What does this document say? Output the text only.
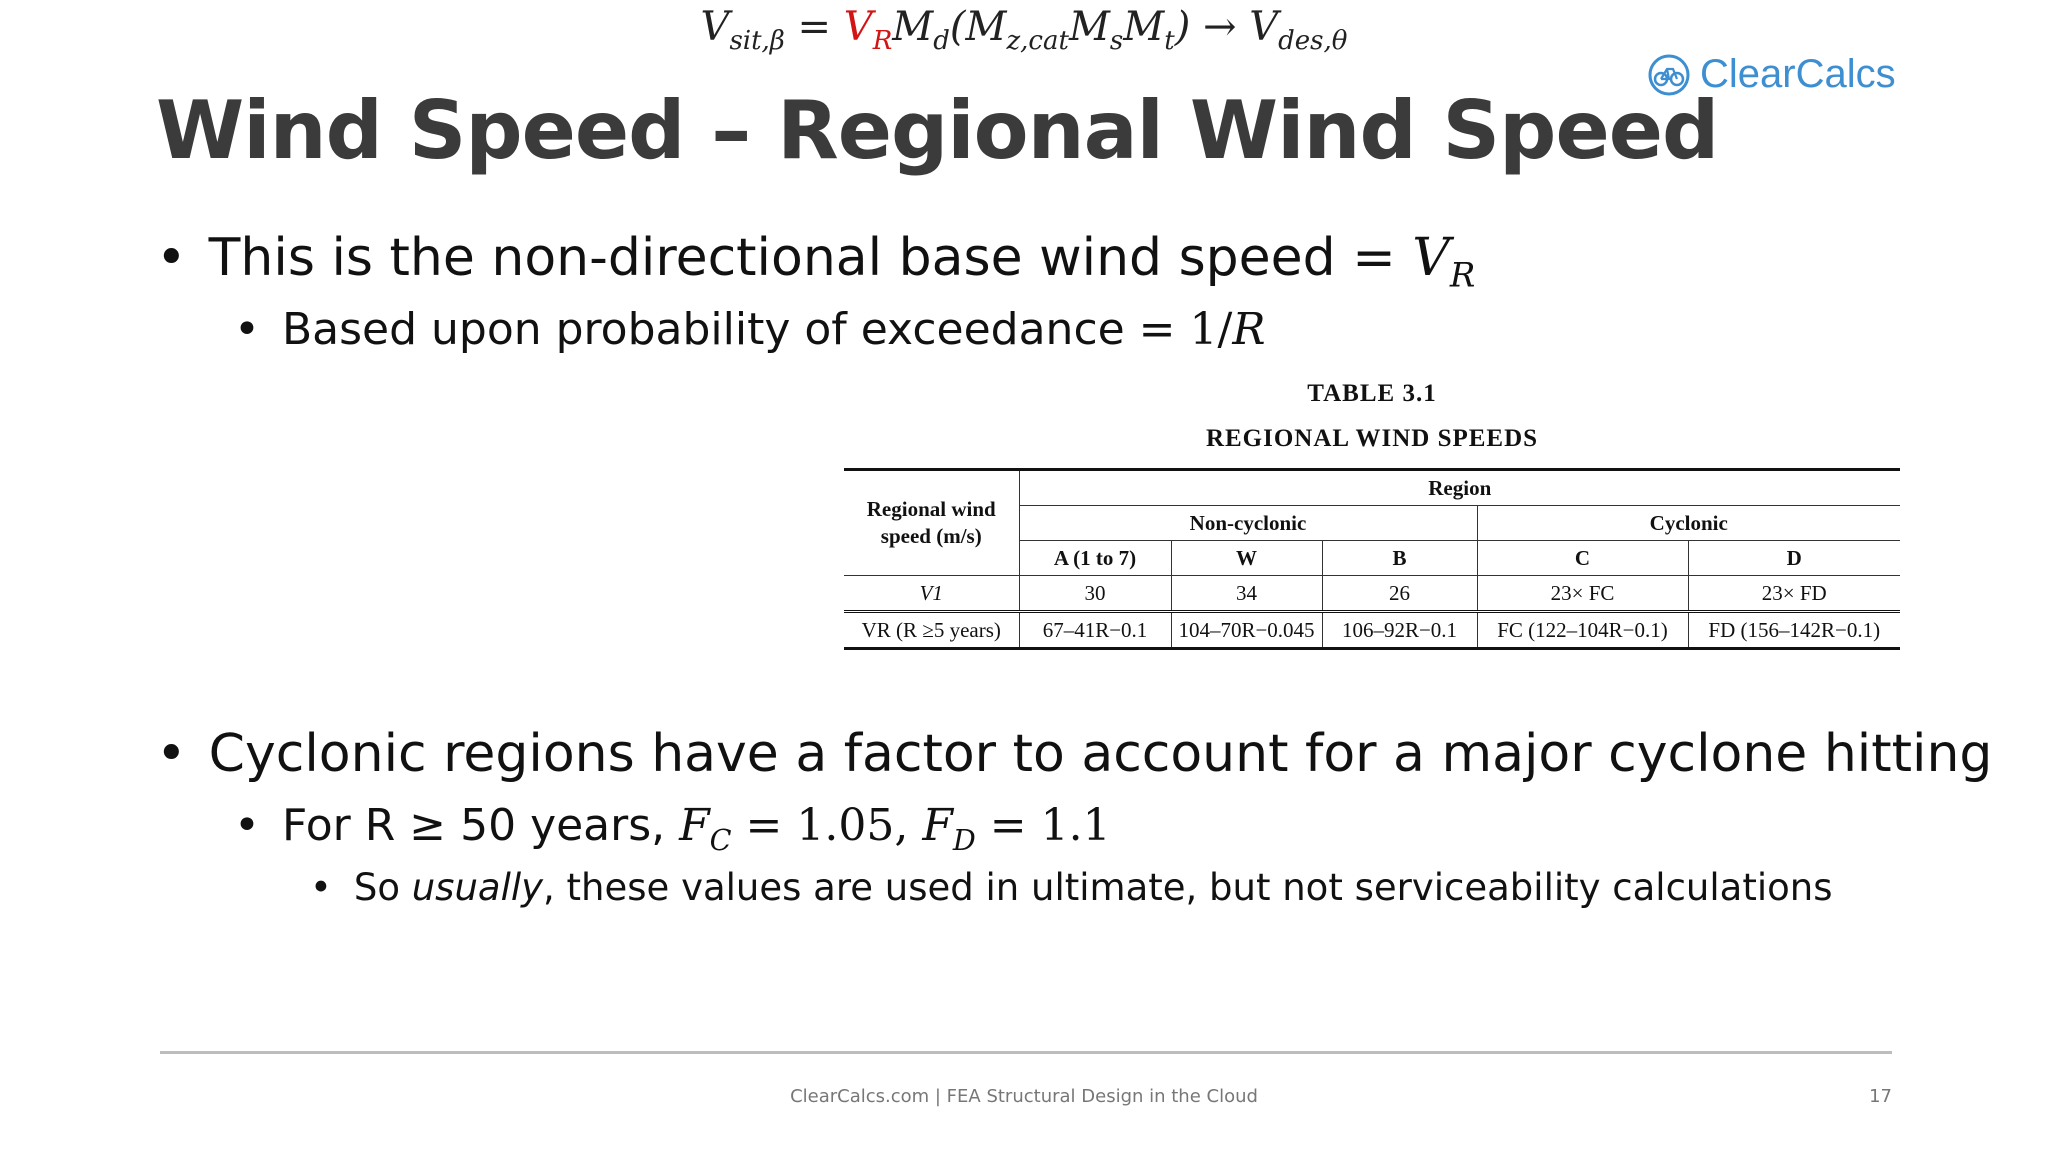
$V_{sit,\beta} = V_RM_d(M_{z,cat}M_sM_t) \to V_{des,\theta}$
ClearCalcs
Wind Speed – Regional Wind Speed
• This is the non-directional base wind speed = $V_R$
• Based upon probability of exceedance = 1/R
TABLE 3.1
REGIONAL WIND SPEEDS
Regional wind speed (m/s)	Region				
	Non-cyclonic			Cyclonic	
	A (1 to 7)	W	B	C	D
V1	30	34	26	23× FC	23× FD
VR (R ≥5 years)	67–41R−0.1	104–70R−0.045	106–92R−0.1	FC (122–104R−0.1)	FD (156–142R−0.1)
• Cyclonic regions have a factor to account for a major cyclone hitting
• For R ≥ 50 years, $F_C = 1.05$, $F_D = 1.1$
• So usually, these values are used in ultimate, but not serviceability calculations
ClearCalcs.com | FEA Structural Design in the Cloud	17
